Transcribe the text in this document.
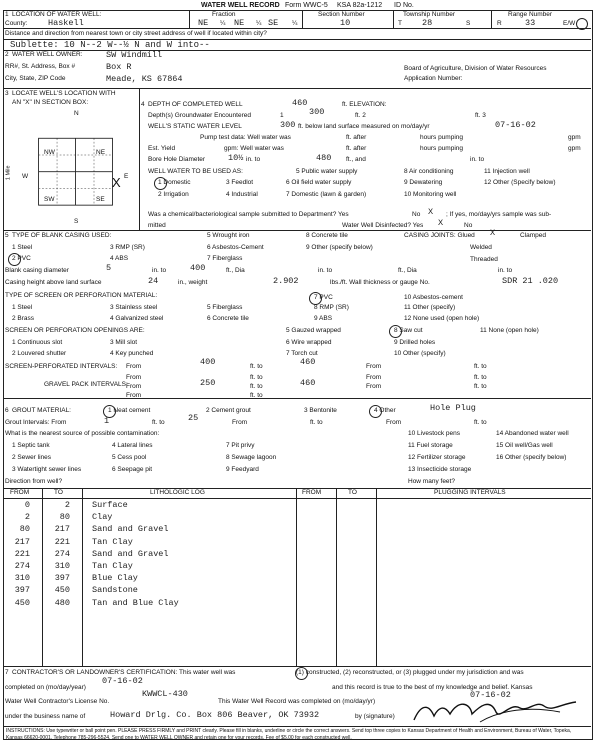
WATER WELL RECORD Form WWC-5 KSA 82a-1212 ID No.
1 LOCATION OF WATER WELL:
County: Haskell
Fraction
NE ¼ NE ¼ SE ¼
Section Number
10
Township Number
T 28	S
Range Number
R	33	E/W
Distance and direction from nearest town or city street address of well if located within city?
Sublette: 10 N--2 W--½ N and W into--
2 WATER WELL OWNER:	SW Windmill
RR#, St. Address, Box #	Box R
City, State, ZIP Code	Meade, KS 67864
Board of Agriculture, Division of Water Resources
Application Number:
3 LOCATE WELL'S LOCATION WITH
AN "X" IN SECTION BOX:
N
S
W	E
NW	NE
SW	SE
1 Mile
X
4 DEPTH OF COMPLETED WELL	460	ft. ELEVATION:
Depth(s) Groundwater Encountered	1	300	ft. 2	ft. 3
WELL'S STATIC WATER LEVEL	300 ft. below land surface measured on mo/day/yr	07-16-02
Pump test data: Well water was	ft. after	hours pumping	gpm
Est. Yield	gpm: Well water was	ft. after	hours pumping	gpm
Bore Hole Diameter	10½ in. to	480 ft., and	in. to
WELL WATER TO BE USED AS:
1 Domestic	3 Feedlot
5 Public water supply	8 Air conditioning	11 Injection well
2 Irrigation	4 Industrial	7 Domestic (lawn & garden)
9 Dewatering	12 Other (Specify below)
6 Oil field water supply
10 Monitoring well
Was a chemical/bacteriological sample submitted to Department? Yes	No X ; If yes, mo/day/yrs sample was sub-
mitted	Water Well Disinfected? Yes X	No
5 TYPE OF BLANK CASING USED:
1 Steel
2 PVC
3 RMP (SR)
4 ABS
5 Wrought iron
6 Asbestos-Cement
7 Fiberglass
8 Concrete tile
9 Other (specify below)
CASING JOINTS: Glued X	Clamped
Welded
Threaded
Blank casing diameter	5	in. to	400	ft., Dia	in. to	ft., Dia	in. to
Casing height above land surface	24	in., weight	2.902	lbs./ft. Wall thickness or gauge No.	SDR 21 .020
TYPE OF SCREEN OR PERFORATION MATERIAL:
1 Steel
2 Brass
3 Stainless steel
4 Galvanized steel
5 Fiberglass
6 Concrete tile
7 PVC
8 RMP (SR)
9 ABS
10 Asbestos-cement
11 Other (specify)
12 None used (open hole)
SCREEN OR PERFORATION OPENINGS ARE:
1 Continuous slot
2 Louvered shutter
3 Mill slot
4 Key punched
5 Gauzed wrapped
6 Wire wrapped
7 Torch cut
8 Saw cut
9 Drilled holes
10 Other (specify)
11 None (open hole)
SCREEN-PERFORATED INTERVALS: From	400	ft. to	460	From	ft. to
From	ft. to	From	ft. to
GRAVEL PACK INTERVALS:
From	250	ft. to	460	From	ft. to
From	ft. to
6 GROUT MATERIAL:	1 Neat cement	2 Cement grout	3 Bentonite	4 Other	Hole Plug
Grout Intervals: From	1	ft. to	25	From	ft. to	From	ft. to
What is the nearest source of possible contamination:
1 Septic tank
2 Sewer lines
3 Watertight sewer lines
4 Lateral lines
5 Cess pool
6 Seepage pit
7 Pit privy
8 Sewage lagoon
9 Feedyard
10 Livestock pens
11 Fuel storage
12 Fertilizer storage
13 Insecticide storage
14 Abandoned water well
15 Oil well/Gas well
16 Other (specify below)
Direction from well?	How many feet?
FROM	TO	LITHOLOGIC LOG	FROM	TO	PLUGGING INTERVALS
0	2	Surface
2	80	Clay
80	217	Sand and Gravel
217	221	Tan Clay
221	274	Sand and Gravel
274	310	Tan Clay
310	397	Blue Clay
397	450	Sandstone
450	480	Tan and Blue Clay
7 CONTRACTOR'S OR LANDOWNER'S CERTIFICATION: This water well was	(1) constructed, (2) reconstructed, or (3) plugged under my jurisdiction and was
completed on (mo/day/year)
07-16-02
and this record is true to the best of my knowledge and belief. Kansas
Water Well Contractor's License No.
KWWCL-430
This Water Well Record was completed on (mo/day/yr)
07-16-02
under the business name of	Howard Drlg. Co. Box 806 Beaver, OK 73932	by (signature)
INSTRUCTIONS: Use typewriter or ball point pen. PLEASE PRESS FIRMLY and PRINT clearly. Please fill in blanks, underline or circle the correct answers. Send top three copies to Kansas Department of Health and Environment, Bureau of Water, Topeka, Kansas 66620-0001. Telephone 785-296-5524. Send one to WATER WELL OWNER and retain one for your records. Fee of $5.00 for each constructed well.
